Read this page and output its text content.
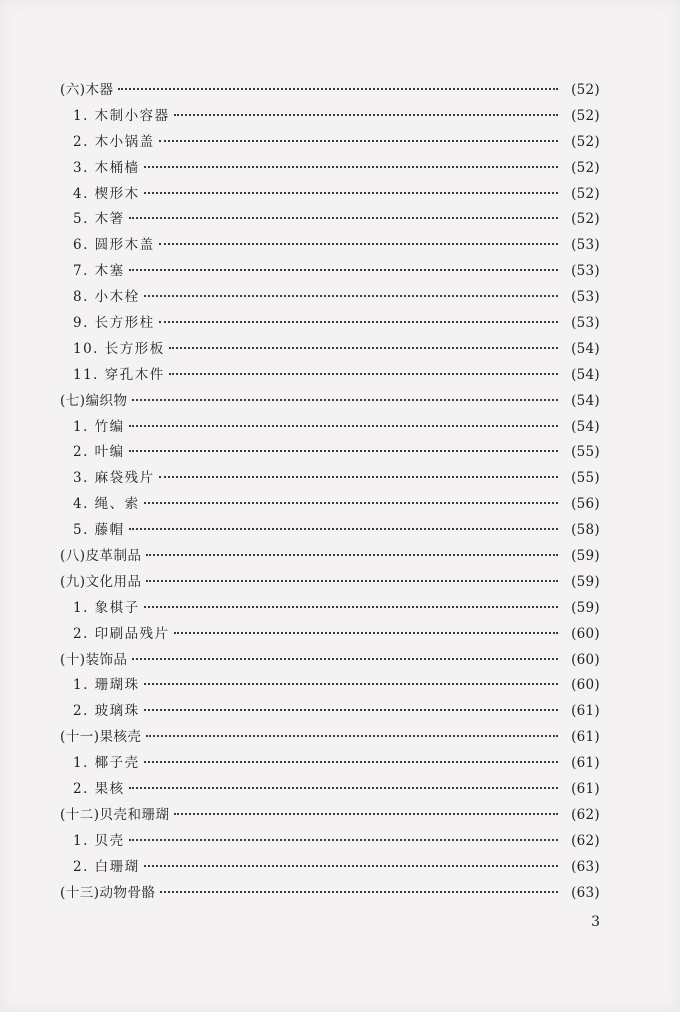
(六)木器	(52)
1. 木制小容器	(52)
2. 木小锅盖	(52)
3. 木桶樯	(52)
4. 楔形木	(52)
5. 木箸	(52)
6. 圆形木盖	(53)
7. 木塞	(53)
8. 小木栓	(53)
9. 长方形柱	(53)
10. 长方形板	(54)
11. 穿孔木件	(54)
(七)编织物	(54)
1. 竹编	(54)
2. 叶编	(55)
3. 麻袋残片	(55)
4. 绳、索	(56)
5. 藤帽	(58)
(八)皮革制品	(59)
(九)文化用品	(59)
1. 象棋子	(59)
2. 印刷品残片	(60)
(十)装饰品	(60)
1. 珊瑚珠	(60)
2. 玻璃珠	(61)
(十一)果核壳	(61)
1. 椰子壳	(61)
2. 果核	(61)
(十二)贝壳和珊瑚	(62)
1. 贝壳	(62)
2. 白珊瑚	(63)
(十三)动物骨骼	(63)
3
